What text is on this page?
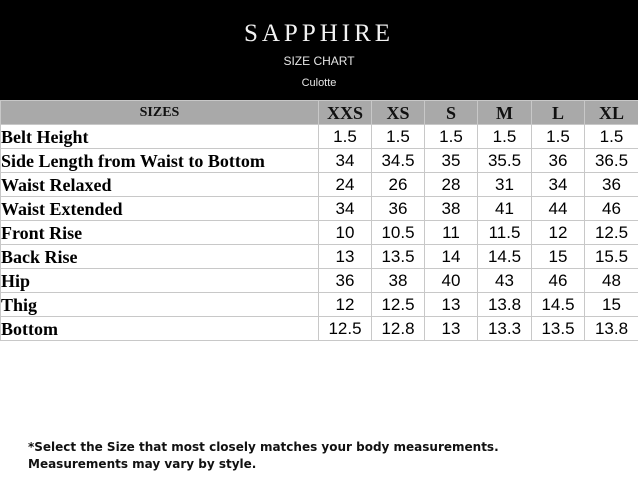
SAPPHIRE
SIZE CHART
Culotte
SIZES	XXS	XS	S	M	L	XL
Belt Height	1.5	1.5	1.5	1.5	1.5	1.5
Side Length from Waist to Bottom	34	34.5	35	35.5	36	36.5
Waist Relaxed	24	26	28	31	34	36
Waist Extended	34	36	38	41	44	46
Front Rise	10	10.5	11	11.5	12	12.5
Back Rise	13	13.5	14	14.5	15	15.5
Hip	36	38	40	43	46	48
Thig	12	12.5	13	13.8	14.5	15
Bottom	12.5	12.8	13	13.3	13.5	13.8
*Select the Size that most closely matches your body measurements.
Measurements may vary by style.
